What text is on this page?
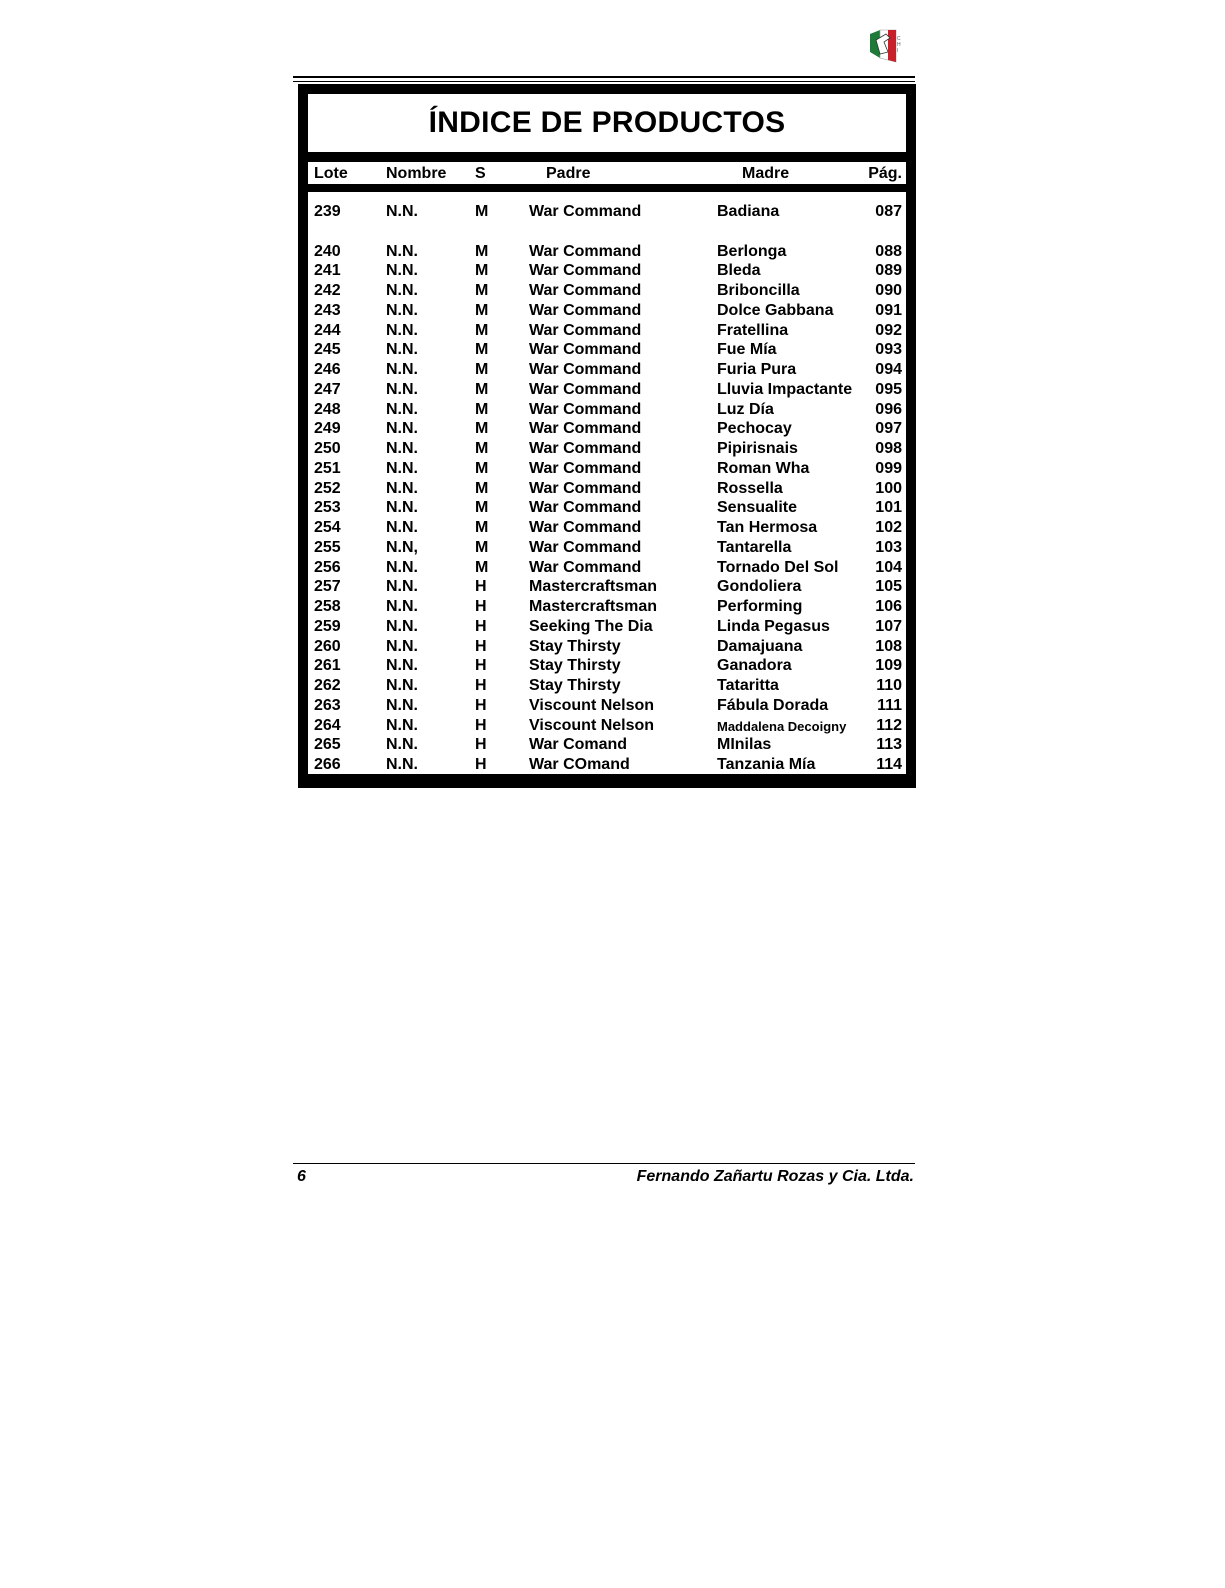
C
H
I
ÍNDICE DE PRODUCTOS
Lote Nombre S	Padre	Madre	Pág.
239	N.N.	M	War Command	Badiana	087
240	N.N.	M	War Command	Berlonga	088
241	N.N.	M	War Command	Bleda	089
242	N.N.	M	War Command	Briboncilla	090
243	N.N.	M	War Command	Dolce Gabbana	091
244	N.N.	M	War Command	Fratellina	092
245	N.N.	M	War Command	Fue Mía	093
246	N.N.	M	War Command	Furia Pura	094
247	N.N.	M	War Command	Lluvia Impactante 095
248	N.N.	M	War Command	Luz Día	096
249	N.N.	M	War Command	Pechocay	097
250	N.N.	M	War Command	Pipirisnais	098
251	N.N.	M	War Command	Roman Wha	099
252	N.N.	M	War Command	Rossella	100
253	N.N.	M	War Command	Sensualite	101
254	N.N.	M	War Command	Tan Hermosa	102
255	N.N,	M	War Command	Tantarella	103
256	N.N.	M	War Command	Tornado Del Sol 104
257	N.N.	H	Mastercraftsman	Gondoliera	105
258	N.N.	H	Mastercraftsman	Performing	106
259	N.N.	H	Seeking The Dia	Linda Pegasus	107
260	N.N.	H	Stay Thirsty	Damajuana	108
261	N.N.	H	Stay Thirsty	Ganadora	109
262	N.N.	H	Stay Thirsty	Tataritta	110
263	N.N.	H	Viscount Nelson	Fábula Dorada	111
264	N.N.	H	Viscount Nelson	Maddalena Decoigny 112
265	N.N.	H	War Comand	MInilas	113
266	N.N.	H	War COmand	Tanzania Mía	114
6	Fernando Zañartu Rozas y Cia. Ltda.
